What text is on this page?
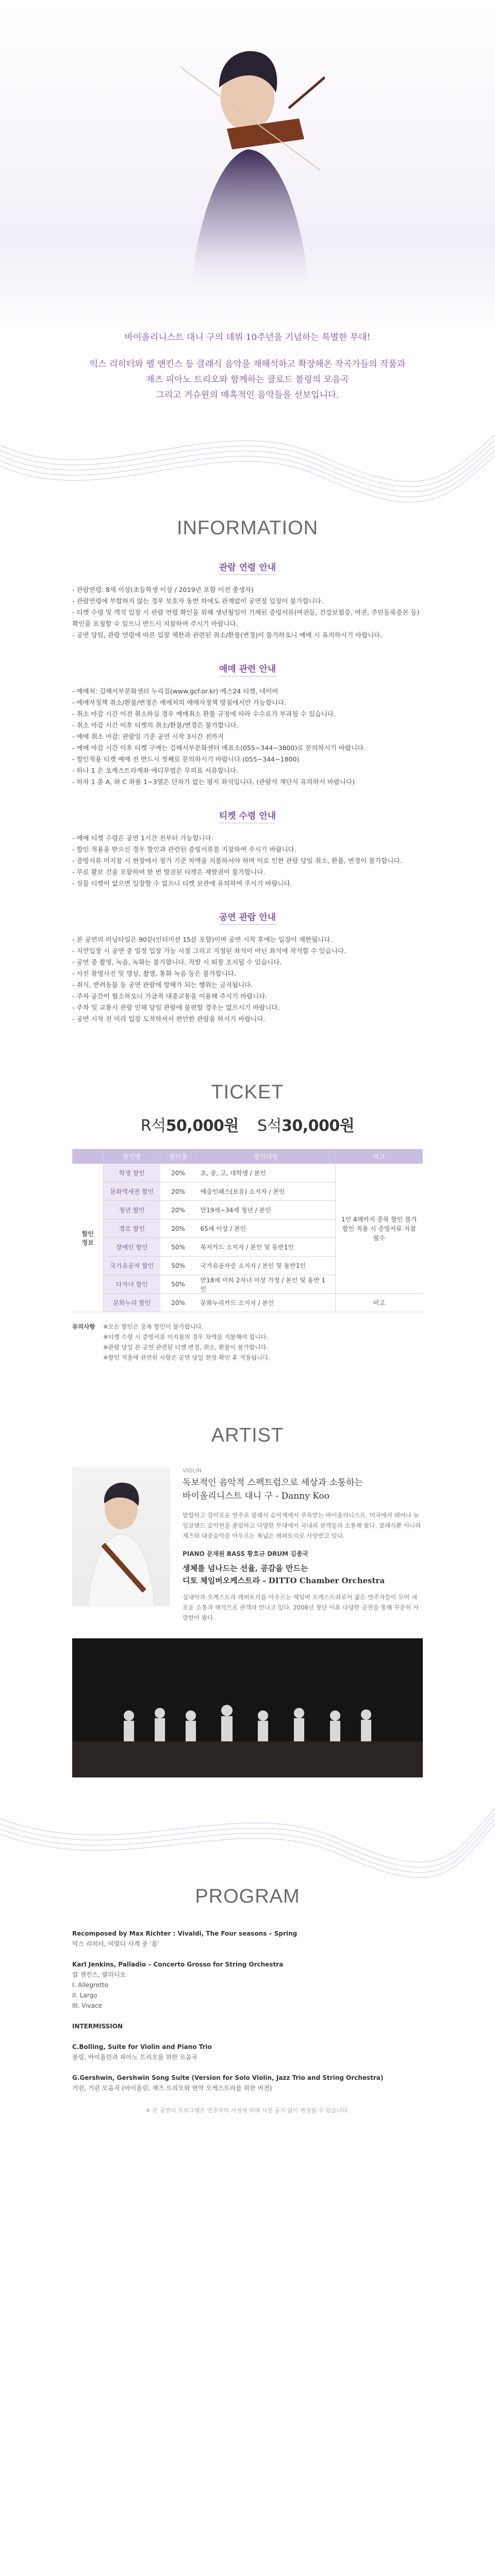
바이올리니스트 대니 구의 데뷔 10주년을 기념하는 특별한 무대!

익스 리히터와 펠 앤킨스 등 클래식 음악을 재해석하고 확장해온 작곡가들의 작품과
재즈 피아노 트리오와 함께하는 클로드 볼링의 모음곡
그리고 거슈윈의 매혹적인 음악들을 선보입니다.

INFORMATION
관람 연령 안내
- 관람연령: 8세 이상(초등학생 이상 / 2019년 포함 이전 출생자)
- 관람연령에 부합하지 않는 경우 보호자 동반 하에도 관계없이 공연장 입장이 불가합니다.
- 티켓 수령 및 객석 입장 시 관람 연령 확인을 위해 생년월일이 기재된 증빙서류(여권등, 건강보험증, 여권, 주민등록증본 등) 확인을 요청할 수 있으니 반드시 지참하여 주시기 바랍니다.
- 공연 당일, 관람 연령에 따른 입장 제한과 관련된 취소/환불(변경)이 불가하오니 예매 시 유의하시기 바랍니다.
예매 관련 안내
- 예매처: 김해서부문화센터 누리집(www.gcf.or.kr) 예스24 티켓, 네이버
- 예매자정책 취소/환불/변경은 예매처의 예매자정책 방침에서만 가능합니다.
- 취소 마감 시간 이전 취소하실 경우 예매취소 환불 규정에 따라 수수료가 부과될 수 있습니다.
- 취소 마감 시간 이후 티켓의 취소/환불/변경은 불가합니다.
- 예매 취소 마감: 관람일 기준 공연 시작 3시간 전까지
- 예매 마감 시간 이후 티켓 구매는 김해서부문화센터 매표소(055~344~3800)로 문의하시기 바랍니다.
- 할인적용 티켓 예매 전 반드시 첫째로 문의하시기 바랍니다 (055~344~1800)
- 하나 1 은 오케스트라계좌 에디무법은 무의표 서류합니다.
- 하차 1 총 A, 와 C 좌룸 1~3열은 단차가 없는 평지 좌석입니다. (관람석 계단식 유의하시 바랍니다)
티켓 수령 안내
- 예매 티켓 수령은 공연 1시간 전부터 가능합니다.
- 할인 적용을 받으신 경우 할인과 관련된 증빙서류를 지참하여 주시기 바랍니다.
- 증빙서류 미지참 시 현장에서 정가 기준 차액을 지불하셔야 하며 이로 인한 관람 당일 취소, 환불, 변경이 불가합니다.
- 무료 활보 건을 포함하여 한 번 발권된 티켓은 재발권이 불가합니다.
- 실물 티켓이 없으면 입장할 수 없으니 티켓 보관에 유의하여 주시기 바랍니다.
공연 관람 안내
- 본 공연의 러닝타임은 90분(인터미션 15분 포함)이며 공연 시작 후에는 입장이 제한됩니다.
- 지연입장 시 공연 중 일정 입장 가능 시점 그리고 지정된 좌석이 아닌 좌석에 착석할 수 있습니다.
- 공연 중 촬영, 녹음, 녹화는 불가합니다. 적발 시 퇴장 조치될 수 있습니다.
- 사진 찰영사진 및 영상, 촬영, 통화 녹음 등은 불가합니다.
- 취식, 반려동물 등 공연 관람에 방해가 되는 행위는 금지됩니다.
- 주차 공간이 협소하오니 가급적 대중교통을 이용해 주시기 바랍니다.
- 주차 및 교통시 관람 인해 당일 관람에 불편할 경우는 없으시기 바랍니다.
- 공연 시작 전 미리 입장 도착하셔서 편안한 관람을 하시기 바랍니다.
TICKET
R석50,000원 S석30,000원
	할인명	할인율	할인대상	비고
할인
정보	학생 할인	20%	초, 중, 고, 대학생 / 본인	1인 4매까지 중복 할인 불가
할인 적용 시 증빙서류 지참 필수
	문화역세권 할인	20%	예술인패스(보유) 소지자 / 본인	
	청년 할인	20%	만19세~34세 청년 / 본인	
	경로 할인	20%	65세 이상 / 본인	
	장애인 할인	50%	복지카드 소지자 / 본인 및 동반1인	
	국가유공자 할인	50%	국가유공자증 소지자 / 본인 및 동반1인	
	다자녀 할인	50%	만18세 이하 2자녀 이상 가정 / 본인 및 동반 1인	
	문화누리 할인	20%	문화누리카드 소지자 / 본인	비고
유의사항	※ 모든 할인은 중복 할인이 불가합니다.
※ 티켓 수령 시 증빙서류 미지참의 경우 차액을 지불해야 합니다.
※ 관람 당일 본 공연 관련된 티켓 변경, 취소, 환불이 불가합니다.
※ 할인 적용에 관련된 사항은 공연 당일 현장 확인 후 적용됩니다.
ARTIST
VIOLIN
독보적인 음악적 스펙트럼으로 세상과 소통하는
바이올리니스트 대니 구 - Danny Koo

발랄하고 감미로운 연주로 클래식 음악계에서 주목받는 바이올리니스트. 미국에서 태어나 뉴잉글랜드 음악원을 졸업하고 다양한 무대에서 국내외 관객들과 소통해 왔다. 클래식뿐 아니라 재즈와 대중음악을 아우르는 폭넓은 레퍼토리로 사랑받고 있다.

PIANO 문재원 BASS 황호규 DRUM 김종국
생체를 넘나드는 선율, 공감을 만드는
디토 체임버오케스트라 - DITTO Chamber Orchestra

실내악과 오케스트라 레퍼토리를 아우르는 체임버 오케스트라로서 젊은 연주자들이 모여 새로운 소통과 해석으로 관객과 만나고 있다. 2008년 창단 이후 다양한 공연을 통해 꾸준히 사랑받아 왔다.

PROGRAM
Recomposed by Max Richter : Vivaldi, The Four seasons – Spring
막스 리히터, 비발디 사계 중 '봄'
Karl Jenkins, Palladio – Concerto Grosso for String Orchestra
칼 젠킨스, 팔라디오
I. Allegretto
II. Largo
III. Vivace
INTERMISSION
C.Bolling, Suite for Violin and Piano Trio
볼링, 바이올린과 피아노 트리오를 위한 모음곡
G.Gershwin, Gershwin Song Suite (Version for Solo Violin, Jazz Trio and String Orchestra)
거쉰, 거쉰 모음곡 (바이올린, 재즈 트리오와 현악 오케스트라를 위한 버전)

※ 본 공연의 프로그램은 연주자의 사정에 의해 사전 공지 없이 변경될 수 있습니다.
